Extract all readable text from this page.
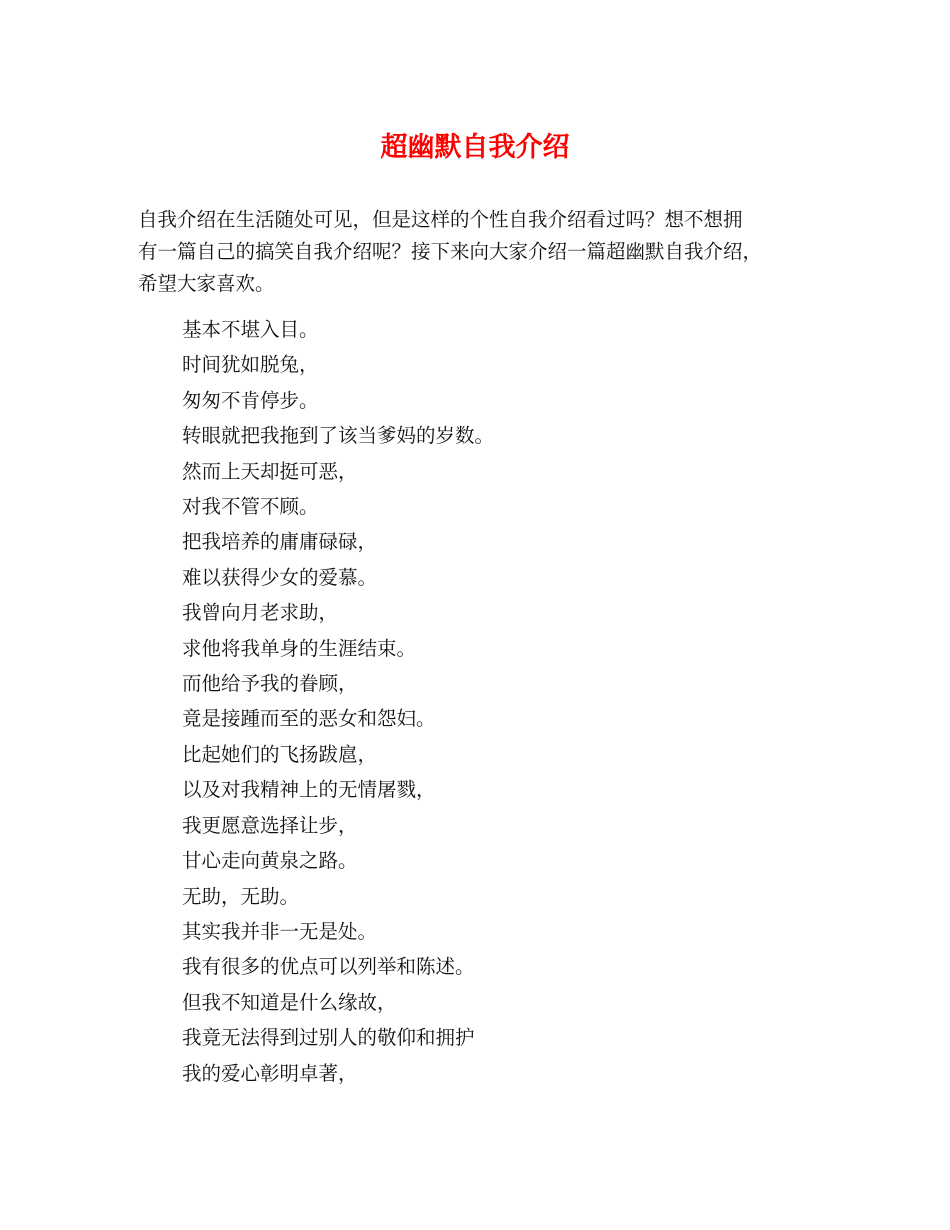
超幽默自我介绍

自我介绍在生活随处可见，但是这样的个性自我介绍看过吗？想不想拥
有一篇自己的搞笑自我介绍呢？接下来向大家介绍一篇超幽默自我介绍，
希望大家喜欢。

基本不堪入目。
时间犹如脱兔，
匆匆不肯停步。
转眼就把我拖到了该当爹妈的岁数。
然而上天却挺可恶，
对我不管不顾。
把我培养的庸庸碌碌，
难以获得少女的爱慕。
我曾向月老求助，
求他将我单身的生涯结束。
而他给予我的眷顾，
竟是接踵而至的恶女和怨妇。
比起她们的飞扬跋扈，
以及对我精神上的无情屠戮，
我更愿意选择让步，
甘心走向黄泉之路。
无助，无助。
其实我并非一无是处。
我有很多的优点可以列举和陈述。
但我不知道是什么缘故，
我竟无法得到过别人的敬仰和拥护
我的爱心彰明卓著，
